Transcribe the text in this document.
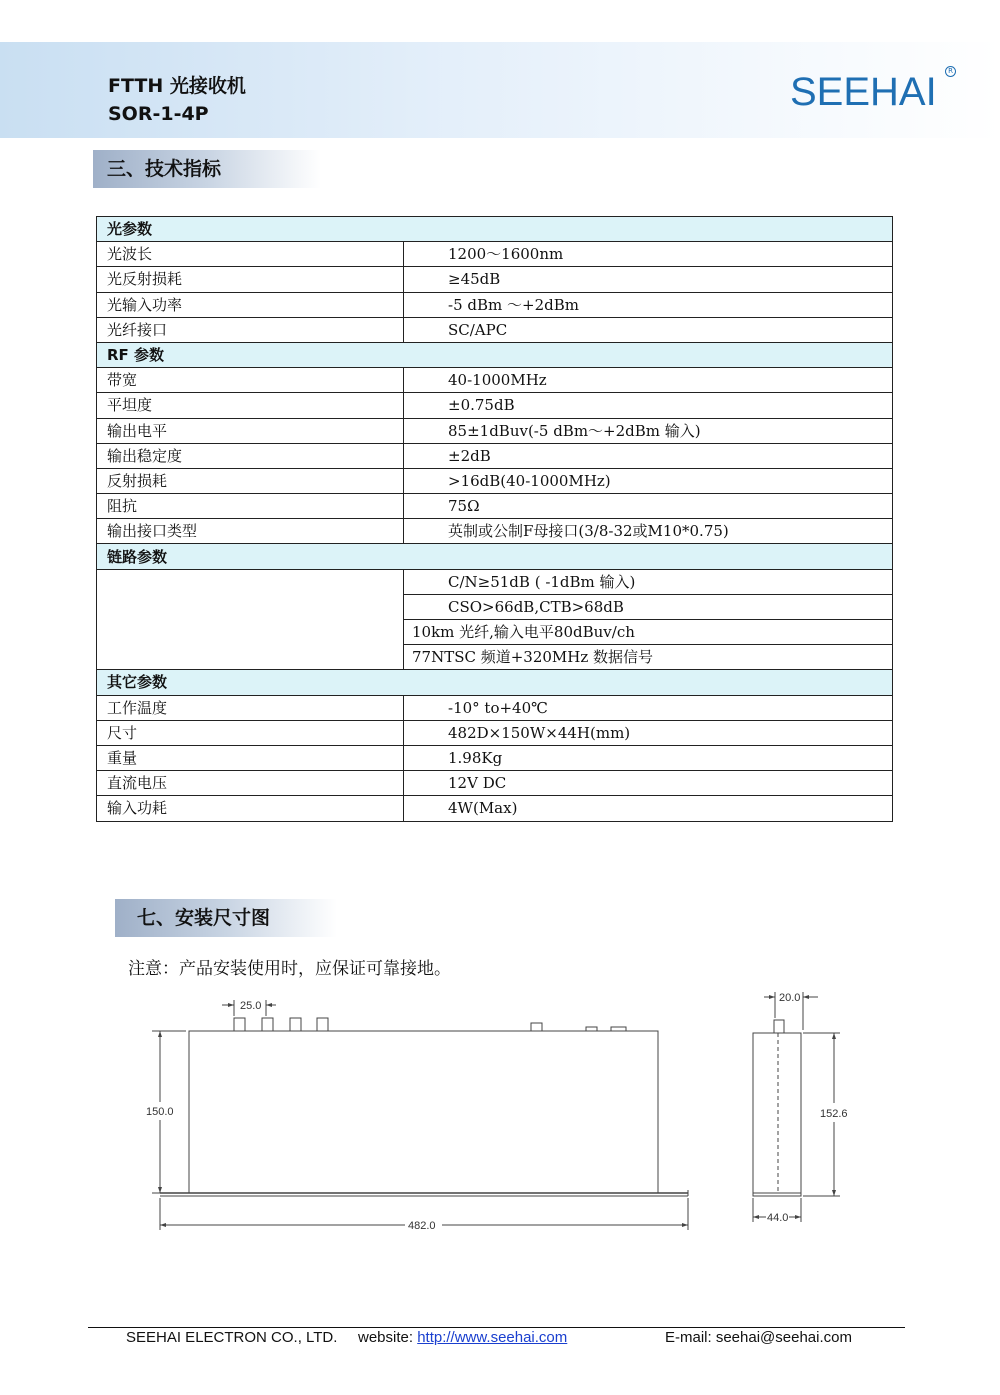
FTTH 光接收机
SOR-1-4P	SEEHAI	R
三、技术指标
光参数	
光波长	1200～1600nm
光反射损耗	≥45dB
光输入功率	-5 dBm ～+2dBm
光纤接口	SC/APC
RF 参数	
带宽	40-1000MHz
平坦度	±0.75dB
输出电平	85±1dBuv(-5 dBm～+2dBm 输入)
输出稳定度	±2dB
反射损耗	>16dB(40-1000MHz)
阻抗	75Ω
输出接口类型	英制或公制F母接口(3/8-32或M10*0.75)
链路参数	
	C/N≥51dB ( -1dBm 输入)
	CSO>66dB,CTB>68dB
	10km 光纤,输入电平80dBuv/ch
	77NTSC 频道+320MHz 数据信号
其它参数	
工作温度	-10° to+40℃
尺寸	482D×150W×44H(mm)
重量	1.98Kg
直流电压	12V DC
输入功耗	4W(Max)
七、安装尺寸图
注意：产品安装使用时，应保证可靠接地。
25.0
150.0
482.0
20.0
152.6
44.0
SEEHAI ELECTRON CO., LTD. website: http://www.seehai.com	E-mail: seehai@seehai.com
